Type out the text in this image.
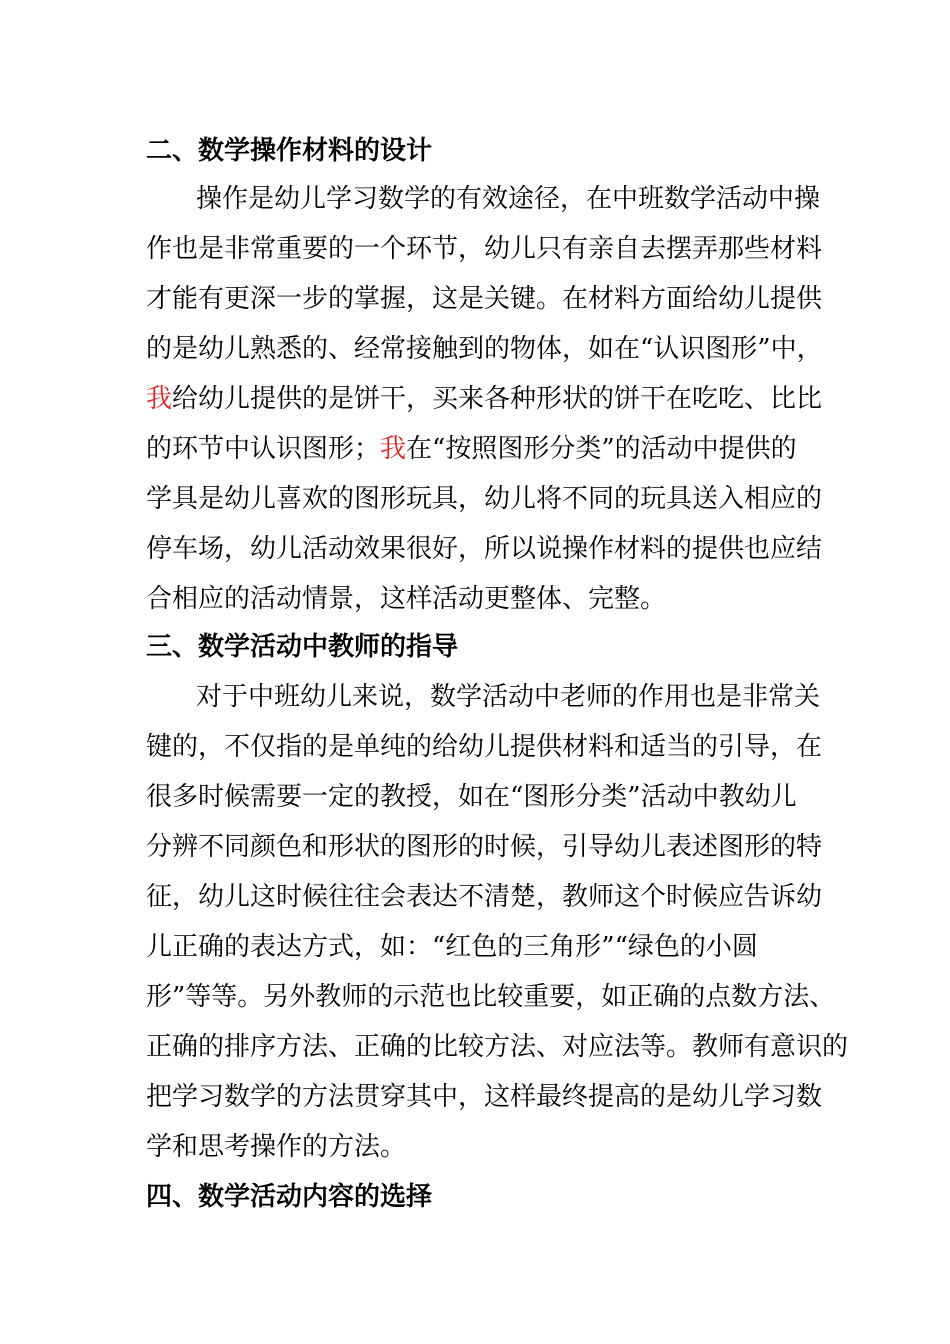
二、数学操作材料的设计
操作是幼儿学习数学的有效途径，在中班数学活动中操
作也是非常重要的一个环节，幼儿只有亲自去摆弄那些材料
才能有更深一步的掌握，这是关键。在材料方面给幼儿提供
的是幼儿熟悉的、经常接触到的物体，如在“认识图形”中，
我给幼儿提供的是饼干，买来各种形状的饼干在吃吃、比比
的环节中认识图形；我在“按照图形分类”的活动中提供的
学具是幼儿喜欢的图形玩具，幼儿将不同的玩具送入相应的
停车场，幼儿活动效果很好，所以说操作材料的提供也应结
合相应的活动情景，这样活动更整体、完整。
三、数学活动中教师的指导
对于中班幼儿来说，数学活动中老师的作用也是非常关
键的，不仅指的是单纯的给幼儿提供材料和适当的引导，在
很多时候需要一定的教授，如在“图形分类”活动中教幼儿
分辨不同颜色和形状的图形的时候，引导幼儿表述图形的特
征，幼儿这时候往往会表达不清楚，教师这个时候应告诉幼
儿正确的表达方式，如：“红色的三角形”“绿色的小圆
形”等等。另外教师的示范也比较重要，如正确的点数方法、
正确的排序方法、正确的比较方法、对应法等。教师有意识的
把学习数学的方法贯穿其中，这样最终提高的是幼儿学习数
学和思考操作的方法。
四、数学活动内容的选择
